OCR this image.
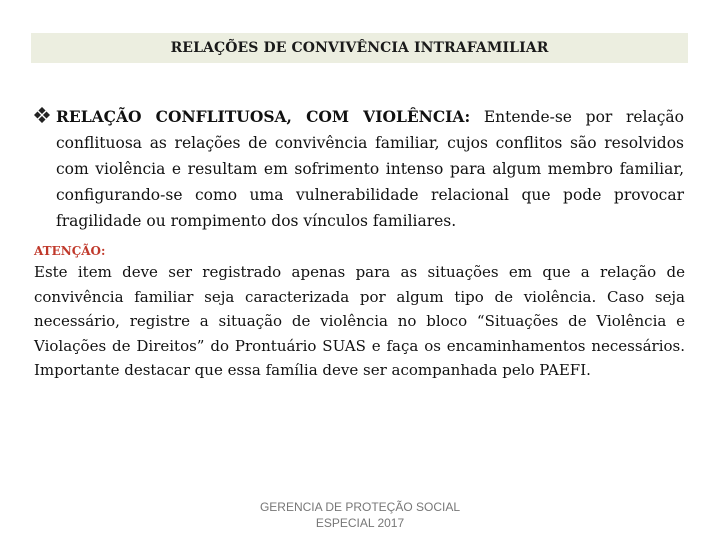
RELAÇÕES DE CONVIVÊNCIA INTRAFAMILIAR
RELAÇÃO CONFLITUOSA, COM VIOLÊNCIA: Entende-se por relação conflituosa as relações de convivência familiar, cujos conflitos são resolvidos com violência e resultam em sofrimento intenso para algum membro familiar, configurando-se como uma vulnerabilidade relacional que pode provocar fragilidade ou rompimento dos vínculos familiares.
ATENÇÃO:
Este item deve ser registrado apenas para as situações em que a relação de convivência familiar seja caracterizada por algum tipo de violência. Caso seja necessário, registre a situação de violência no bloco “Situações de Violência e Violações de Direitos” do Prontuário SUAS e faça os encaminhamentos necessários. Importante destacar que essa família deve ser acompanhada pelo PAEFI.
GERENCIA DE PROTEÇÃO SOCIAL
ESPECIAL 2017
